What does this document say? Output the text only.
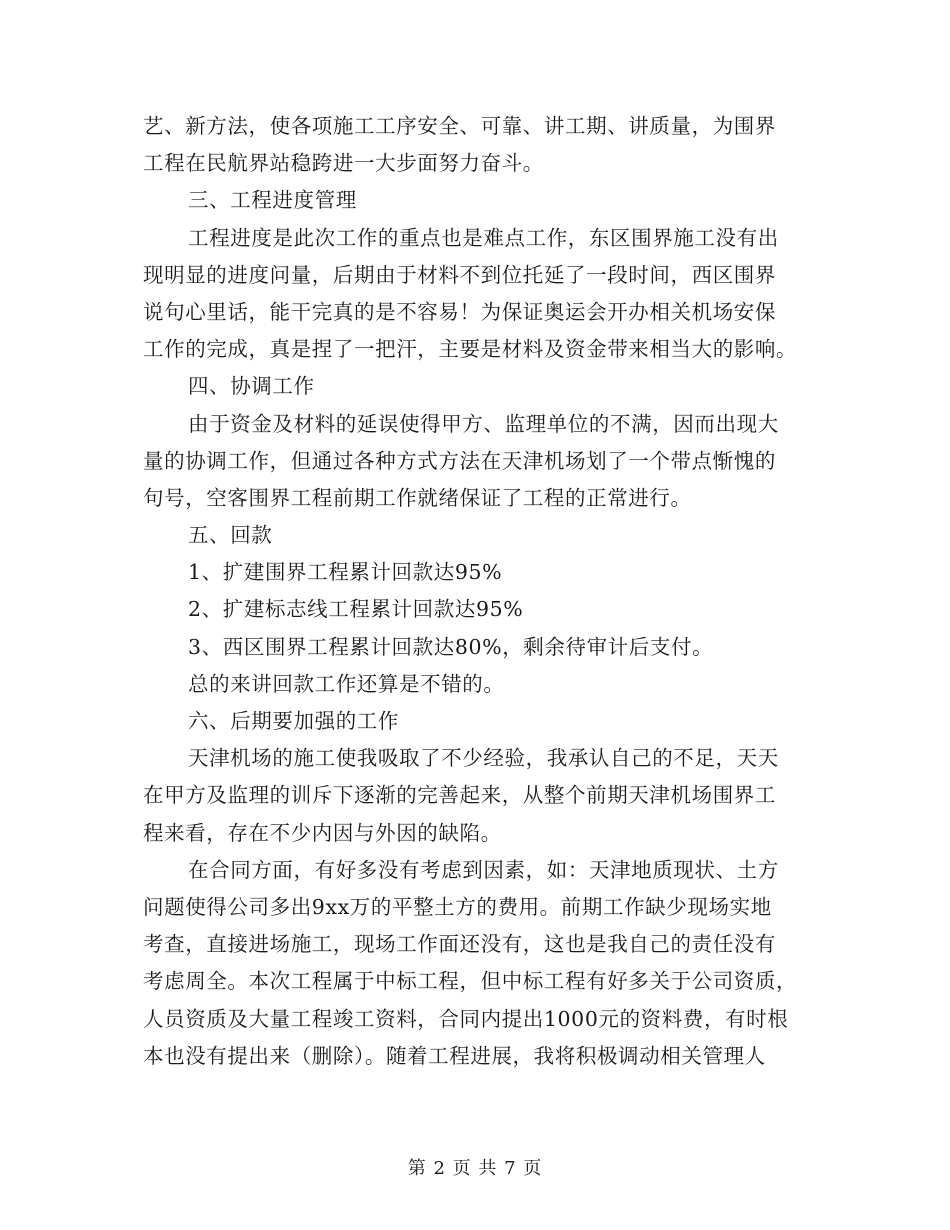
艺、新方法，使各项施工工序安全、可靠、讲工期、讲质量，为围界
工程在民航界站稳跨进一大步面努力奋斗。
三、工程进度管理
工程进度是此次工作的重点也是难点工作，东区围界施工没有出
现明显的进度问量，后期由于材料不到位托延了一段时间，西区围界
说句心里话，能干完真的是不容易！为保证奥运会开办相关机场安保
工作的完成，真是捏了一把汗，主要是材料及资金带来相当大的影响。
四、协调工作
由于资金及材料的延误使得甲方、监理单位的不满，因而出现大
量的协调工作，但通过各种方式方法在天津机场划了一个带点惭愧的
句号，空客围界工程前期工作就绪保证了工程的正常进行。
五、回款
1、扩建围界工程累计回款达95%
2、扩建标志线工程累计回款达95%
3、西区围界工程累计回款达80%，剩余待审计后支付。
总的来讲回款工作还算是不错的。
六、后期要加强的工作
天津机场的施工使我吸取了不少经验，我承认自己的不足，天天
在甲方及监理的训斥下逐渐的完善起来，从整个前期天津机场围界工
程来看，存在不少内因与外因的缺陷。
在合同方面，有好多没有考虑到因素，如：天津地质现状、土方
问题使得公司多出9xx万的平整土方的费用。前期工作缺少现场实地
考查，直接进场施工，现场工作面还没有，这也是我自己的责任没有
考虑周全。本次工程属于中标工程，但中标工程有好多关于公司资质，
人员资质及大量工程竣工资料，合同内提出1000元的资料费，有时根
本也没有提出来（删除）。随着工程进展，我将积极调动相关管理人
第 2 页 共 7 页
